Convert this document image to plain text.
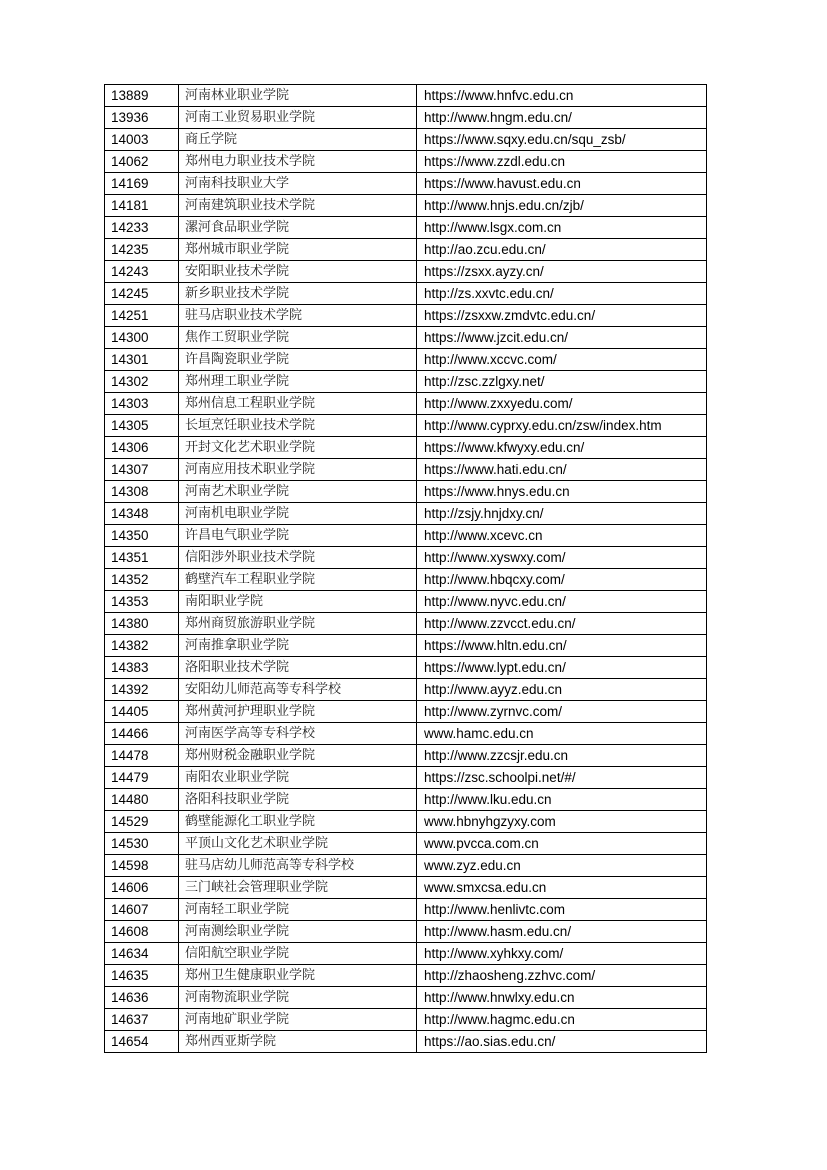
13889	河南林业职业学院	https://www.hnfvc.edu.cn
13936	河南工业贸易职业学院	http://www.hngm.edu.cn/
14003	商丘学院	https://www.sqxy.edu.cn/squ_zsb/
14062	郑州电力职业技术学院	https://www.zzdl.edu.cn
14169	河南科技职业大学	https://www.havust.edu.cn
14181	河南建筑职业技术学院	http://www.hnjs.edu.cn/zjb/
14233	漯河食品职业学院	http://www.lsgx.com.cn
14235	郑州城市职业学院	http://ao.zcu.edu.cn/
14243	安阳职业技术学院	https://zsxx.ayzy.cn/
14245	新乡职业技术学院	http://zs.xxvtc.edu.cn/
14251	驻马店职业技术学院	https://zsxxw.zmdvtc.edu.cn/
14300	焦作工贸职业学院	https://www.jzcit.edu.cn/
14301	许昌陶瓷职业学院	http://www.xccvc.com/
14302	郑州理工职业学院	http://zsc.zzlgxy.net/
14303	郑州信息工程职业学院	http://www.zxxyedu.com/
14305	长垣烹饪职业技术学院	http://www.cyprxy.edu.cn/zsw/index.htm
14306	开封文化艺术职业学院	https://www.kfwyxy.edu.cn/
14307	河南应用技术职业学院	https://www.hati.edu.cn/
14308	河南艺术职业学院	https://www.hnys.edu.cn
14348	河南机电职业学院	http://zsjy.hnjdxy.cn/
14350	许昌电气职业学院	http://www.xcevc.cn
14351	信阳涉外职业技术学院	http://www.xyswxy.com/
14352	鹤壁汽车工程职业学院	http://www.hbqcxy.com/
14353	南阳职业学院	http://www.nyvc.edu.cn/
14380	郑州商贸旅游职业学院	http://www.zzvcct.edu.cn/
14382	河南推拿职业学院	https://www.hltn.edu.cn/
14383	洛阳职业技术学院	https://www.lypt.edu.cn/
14392	安阳幼儿师范高等专科学校	http://www.ayyz.edu.cn
14405	郑州黄河护理职业学院	http://www.zyrnvc.com/
14466	河南医学高等专科学校	www.hamc.edu.cn
14478	郑州财税金融职业学院	http://www.zzcsjr.edu.cn
14479	南阳农业职业学院	https://zsc.schoolpi.net/#/
14480	洛阳科技职业学院	http://www.lku.edu.cn
14529	鹤壁能源化工职业学院	www.hbnyhgzyxy.com
14530	平顶山文化艺术职业学院	www.pvcca.com.cn
14598	驻马店幼儿师范高等专科学校	www.zyz.edu.cn
14606	三门峡社会管理职业学院	www.smxcsa.edu.cn
14607	河南轻工职业学院	http://www.henlivtc.com
14608	河南测绘职业学院	http://www.hasm.edu.cn/
14634	信阳航空职业学院	http://www.xyhkxy.com/
14635	郑州卫生健康职业学院	http://zhaosheng.zzhvc.com/
14636	河南物流职业学院	http://www.hnwlxy.edu.cn
14637	河南地矿职业学院	http://www.hagmc.edu.cn
14654	郑州西亚斯学院	https://ao.sias.edu.cn/
